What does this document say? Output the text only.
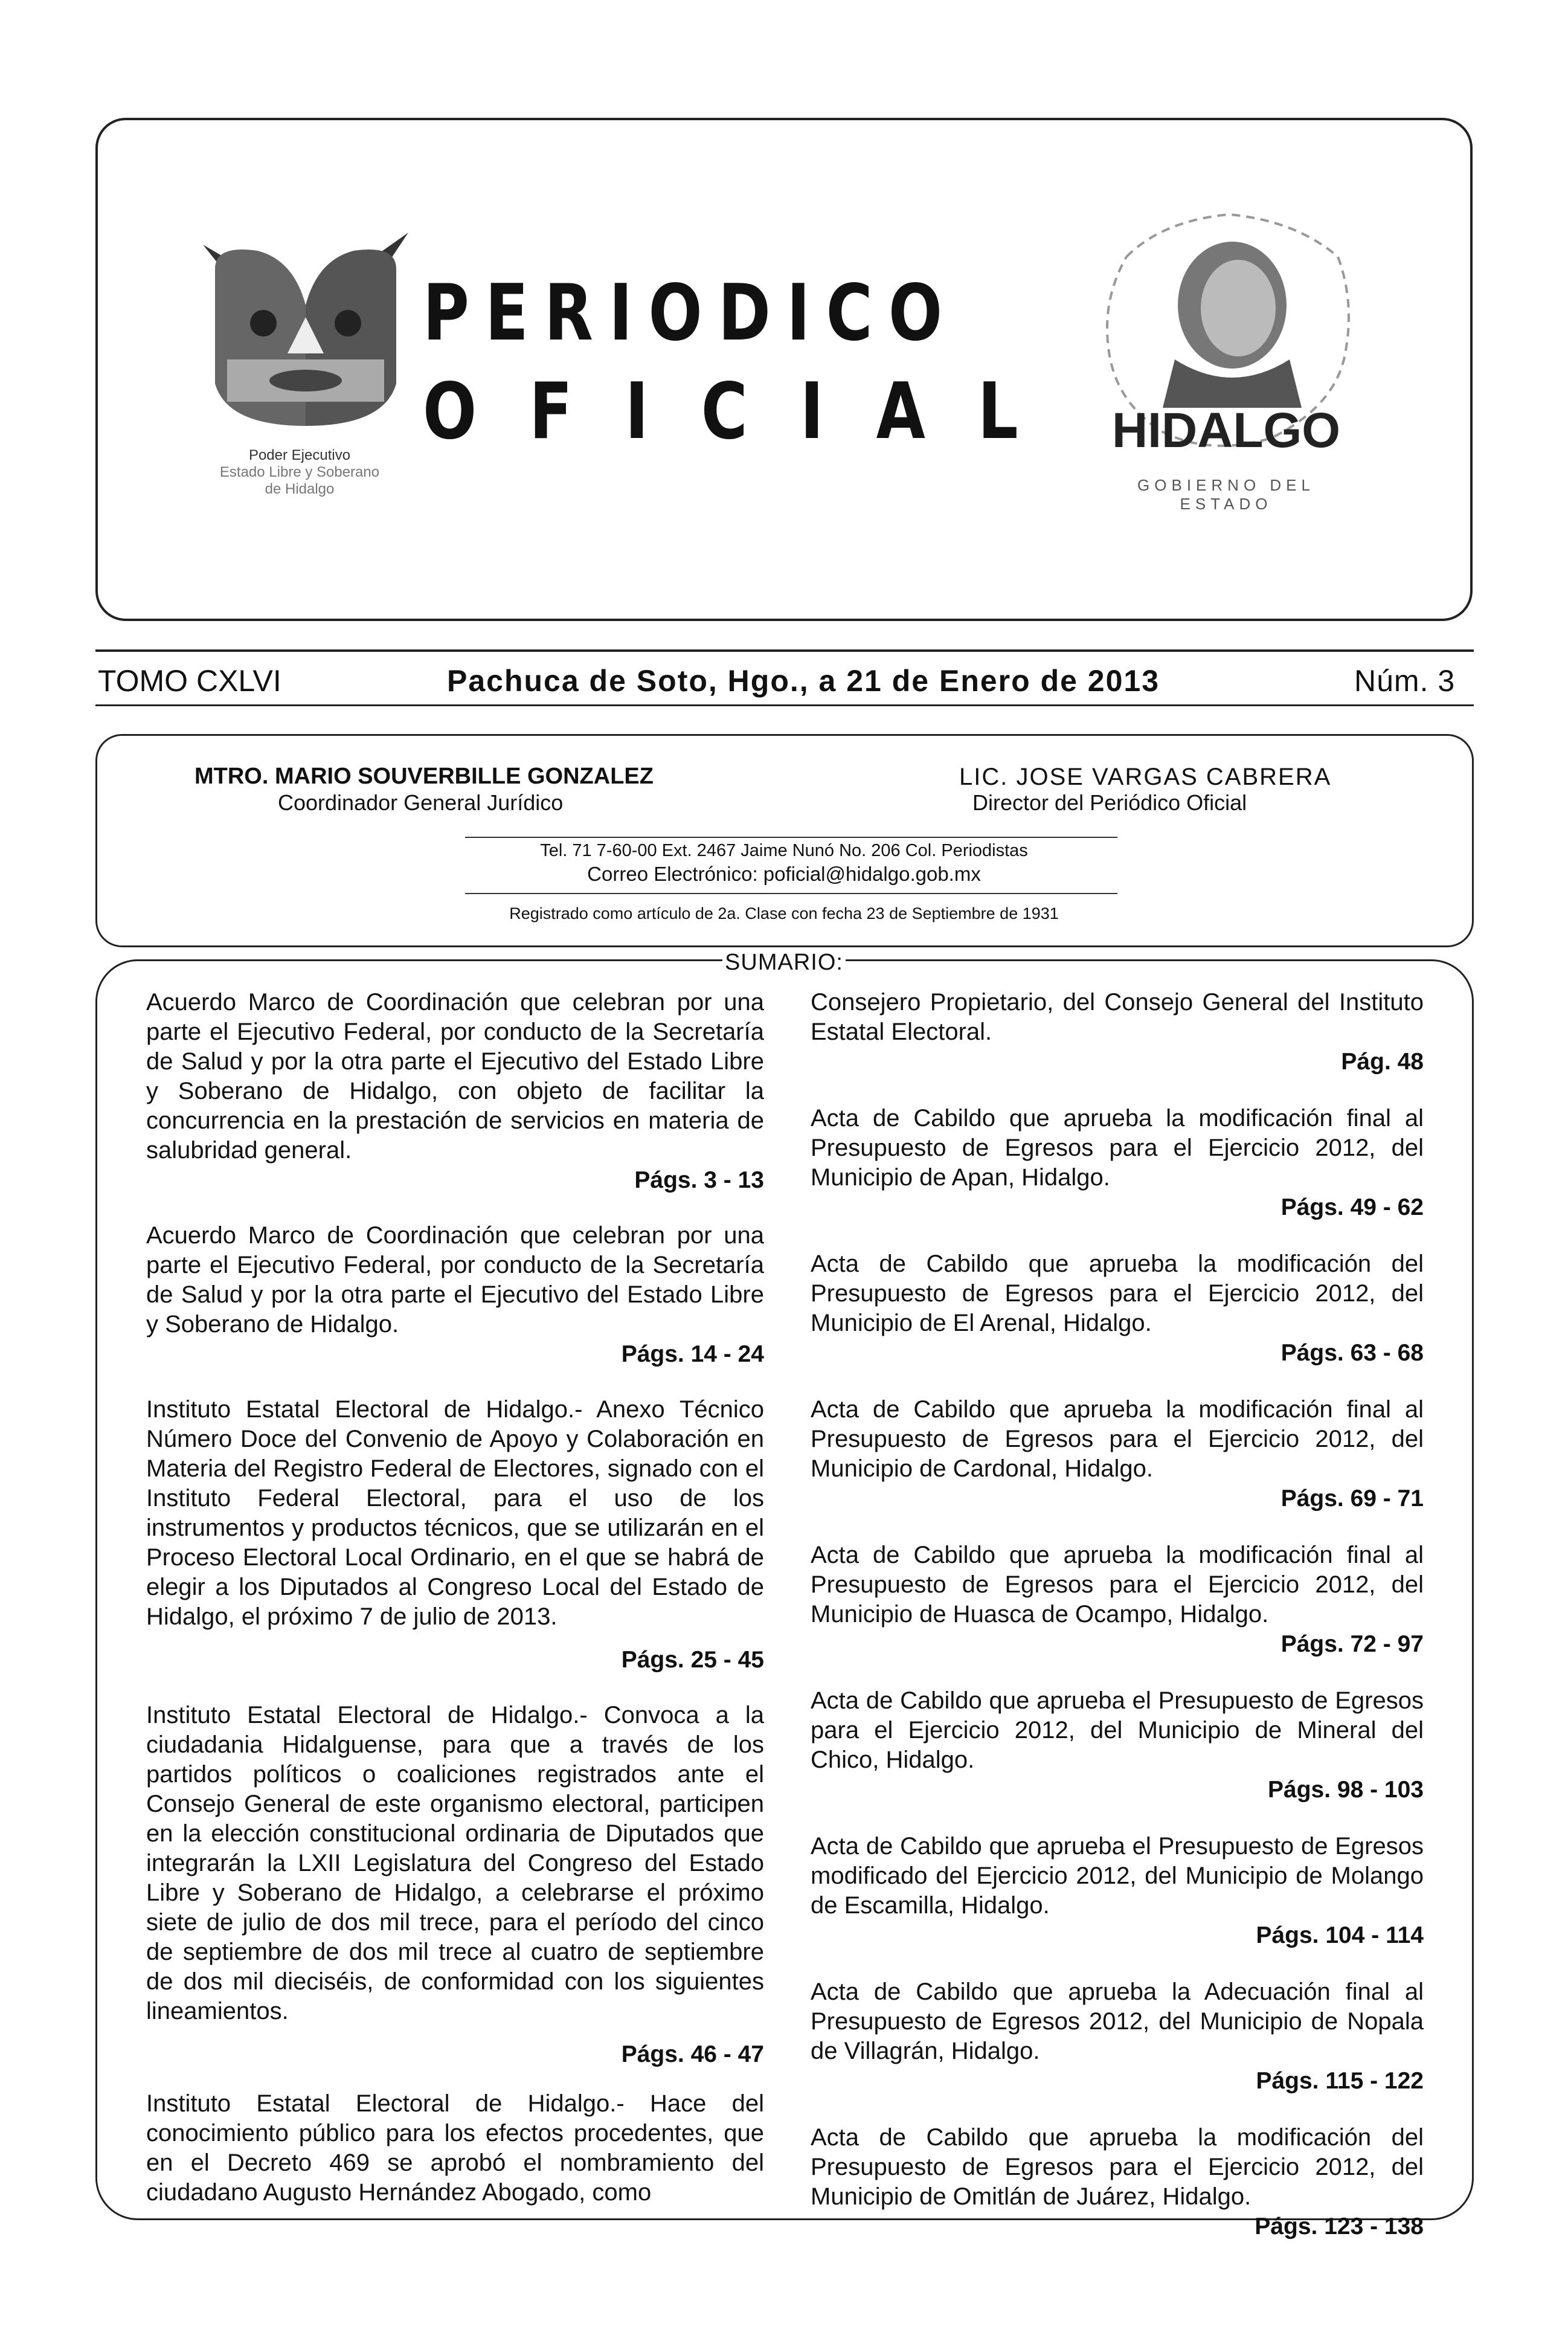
Poder Ejecutivo
Estado Libre y Soberano
de Hidalgo
PERIODICO
OFICIAL HIDALGO
GOBIERNO DEL ESTADO
TOMO CXLVI	Pachuca de Soto, Hgo., a 21 de Enero de 2013	Núm. 3
MTRO. MARIO SOUVERBILLE GONZALEZ
Coordinador General Jurídico
LIC. JOSE VARGAS CABRERA
Director del Periódico Oficial
Tel. 71 7-60-00 Ext. 2467 Jaime Nunó No. 206 Col. Periodistas
Correo Electrónico: poficial@hidalgo.gob.mx
Registrado como artículo de 2a. Clase con fecha 23 de Septiembre de 1931
SUMARIO:
Acuerdo Marco de Coordinación que celebran por una parte el Ejecutivo Federal, por conducto de la Secretaría de Salud y por la otra parte el Ejecutivo del Estado Libre y Soberano de Hidalgo, con objeto de facilitar la concurrencia en la prestación de servicios en materia de salubridad general.
Págs. 3 - 13
Acuerdo Marco de Coordinación que celebran por una parte el Ejecutivo Federal, por conducto de la Secretaría de Salud y por la otra parte el Ejecutivo del Estado Libre y Soberano de Hidalgo.
Págs. 14 - 24
Instituto Estatal Electoral de Hidalgo.- Anexo Técnico Número Doce del Convenio de Apoyo y Colaboración en Materia del Registro Federal de Electores, signado con el Instituto Federal Electoral, para el uso de los instrumentos y productos técnicos, que se utilizarán en el Proceso Electoral Local Ordinario, en el que se habrá de elegir a los Diputados al Congreso Local del Estado de Hidalgo, el próximo 7 de julio de 2013.
Págs. 25 - 45
Instituto Estatal Electoral de Hidalgo.- Convoca a la ciudadania Hidalguense, para que a través de los partidos políticos o coaliciones registrados ante el Consejo General de este organismo electoral, participen en la elección constitucional ordinaria de Diputados que integrarán la LXII Legislatura del Congreso del Estado Libre y Soberano de Hidalgo, a celebrarse el próximo siete de julio de dos mil trece, para el período del cinco de septiembre de dos mil trece al cuatro de septiembre de dos mil dieciséis, de conformidad con los siguientes lineamientos.
Págs. 46 - 47
Instituto Estatal Electoral de Hidalgo.- Hace del conocimiento público para los efectos procedentes, que en el Decreto 469 se aprobó el nombramiento del ciudadano Augusto Hernández Abogado, como
Consejero Propietario, del Consejo General del Instituto Estatal Electoral.
Pág. 48
Acta de Cabildo que aprueba la modificación final al Presupuesto de Egresos para el Ejercicio 2012, del Municipio de Apan, Hidalgo.
Págs. 49 - 62
Acta de Cabildo que aprueba la modificación del Presupuesto de Egresos para el Ejercicio 2012, del Municipio de El Arenal, Hidalgo.
Págs. 63 - 68
Acta de Cabildo que aprueba la modificación final al Presupuesto de Egresos para el Ejercicio 2012, del Municipio de Cardonal, Hidalgo.
Págs. 69 - 71
Acta de Cabildo que aprueba la modificación final al Presupuesto de Egresos para el Ejercicio 2012, del Municipio de Huasca de Ocampo, Hidalgo.
Págs. 72 - 97
Acta de Cabildo que aprueba el Presupuesto de Egresos para el Ejercicio 2012, del Municipio de Mineral del Chico, Hidalgo.
Págs. 98 - 103
Acta de Cabildo que aprueba el Presupuesto de Egresos modificado del Ejercicio 2012, del Municipio de Molango de Escamilla, Hidalgo.
Págs. 104 - 114
Acta de Cabildo que aprueba la Adecuación final al Presupuesto de Egresos 2012, del Municipio de Nopala de Villagrán, Hidalgo.
Págs. 115 - 122
Acta de Cabildo que aprueba la modificación del Presupuesto de Egresos para el Ejercicio 2012, del Municipio de Omitlán de Juárez, Hidalgo.
Págs. 123 - 138
